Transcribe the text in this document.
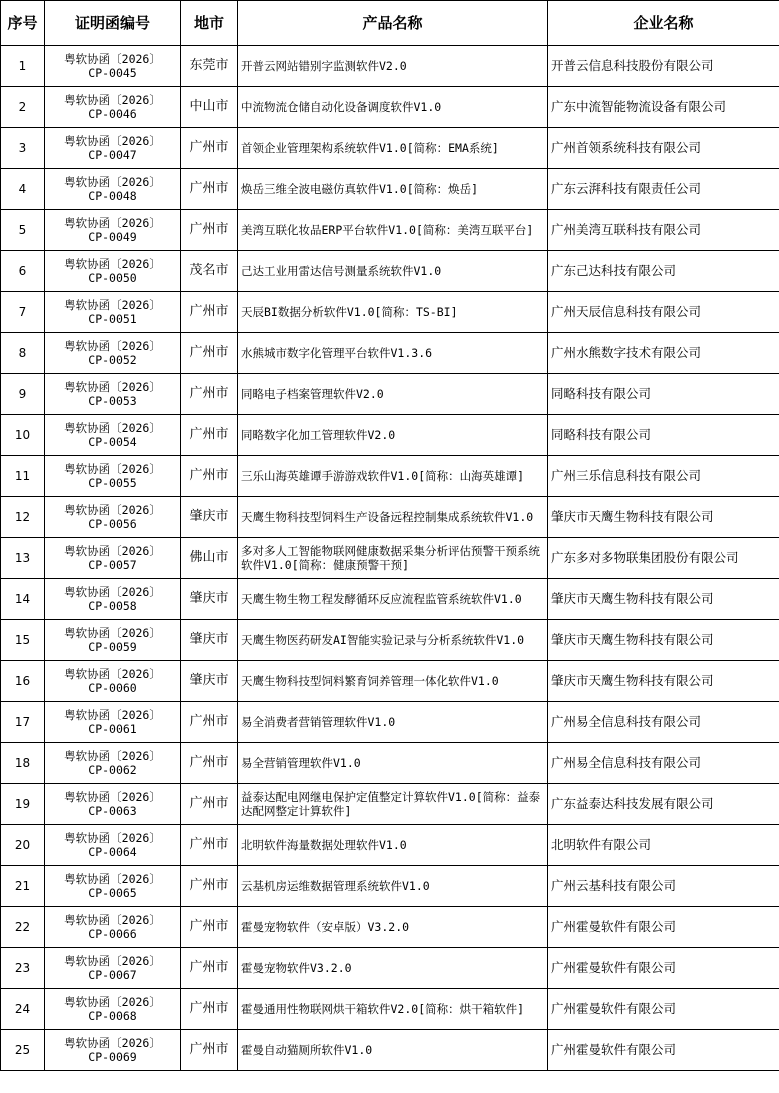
序号	证明函编号	地市	产品名称	企业名称
1	粤软协函〔2026〕
CP-0045	东莞市	开普云网站错别字监测软件V2.0	开普云信息科技股份有限公司
2	粤软协函〔2026〕
CP-0046	中山市	中流物流仓储自动化设备调度软件V1.0	广东中流智能物流设备有限公司
3	粤软协函〔2026〕
CP-0047	广州市	首领企业管理架构系统软件V1.0[简称：EMA系统]	广州首领系统科技有限公司
4	粤软协函〔2026〕
CP-0048	广州市	焕岳三维全波电磁仿真软件V1.0[简称：焕岳]	广东云湃科技有限责任公司
5	粤软协函〔2026〕
CP-0049	广州市	美湾互联化妆品ERP平台软件V1.0[简称：美湾互联平台]	广州美湾互联科技有限公司
6	粤软协函〔2026〕
CP-0050	茂名市	己达工业用雷达信号测量系统软件V1.0	广东己达科技有限公司
7	粤软协函〔2026〕
CP-0051	广州市	天辰BI数据分析软件V1.0[简称：TS-BI]	广州天辰信息科技有限公司
8	粤软协函〔2026〕
CP-0052	广州市	水熊城市数字化管理平台软件V1.3.6	广州水熊数字技术有限公司
9	粤软协函〔2026〕
CP-0053	广州市	同略电子档案管理软件V2.0	同略科技有限公司
10	粤软协函〔2026〕
CP-0054	广州市	同略数字化加工管理软件V2.0	同略科技有限公司
11	粤软协函〔2026〕
CP-0055	广州市	三乐山海英雄谭手游游戏软件V1.0[简称：山海英雄谭]	广州三乐信息科技有限公司
12	粤软协函〔2026〕
CP-0056	肇庆市	天鹰生物科技型饲料生产设备远程控制集成系统软件V1.0	肇庆市天鹰生物科技有限公司
13	粤软协函〔2026〕
CP-0057	佛山市	多对多人工智能物联网健康数据采集分析评估预警干预系统软件V1.0[简称：健康预警干预]	广东多对多物联集团股份有限公司
14	粤软协函〔2026〕
CP-0058	肇庆市	天鹰生物生物工程发酵循环反应流程监管系统软件V1.0	肇庆市天鹰生物科技有限公司
15	粤软协函〔2026〕
CP-0059	肇庆市	天鹰生物医药研发AI智能实验记录与分析系统软件V1.0	肇庆市天鹰生物科技有限公司
16	粤软协函〔2026〕
CP-0060	肇庆市	天鹰生物科技型饲料繁育饲养管理一体化软件V1.0	肇庆市天鹰生物科技有限公司
17	粤软协函〔2026〕
CP-0061	广州市	易全消费者营销管理软件V1.0	广州易全信息科技有限公司
18	粤软协函〔2026〕
CP-0062	广州市	易全营销管理软件V1.0	广州易全信息科技有限公司
19	粤软协函〔2026〕
CP-0063	广州市	益泰达配电网继电保护定值整定计算软件V1.0[简称：益泰达配网整定计算软件]	广东益泰达科技发展有限公司
20	粤软协函〔2026〕
CP-0064	广州市	北明软件海量数据处理软件V1.0	北明软件有限公司
21	粤软协函〔2026〕
CP-0065	广州市	云基机房运维数据管理系统软件V1.0	广州云基科技有限公司
22	粤软协函〔2026〕
CP-0066	广州市	霍曼宠物软件（安卓版）V3.2.0	广州霍曼软件有限公司
23	粤软协函〔2026〕
CP-0067	广州市	霍曼宠物软件V3.2.0	广州霍曼软件有限公司
24	粤软协函〔2026〕
CP-0068	广州市	霍曼通用性物联网烘干箱软件V2.0[简称：烘干箱软件]	广州霍曼软件有限公司
25	粤软协函〔2026〕
CP-0069	广州市	霍曼自动猫厕所软件V1.0	广州霍曼软件有限公司
